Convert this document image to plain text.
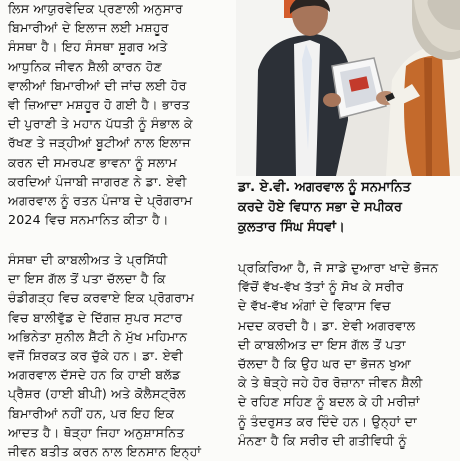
ਲਿਸ ਆਯੁਰਵੇਦਿਕ ਪ੍ਰਣਾਲੀ ਅਨੁਸਾਰ

ਬਿਮਾਰੀਆਂ ਦੇ ਇਲਾਜ ਲਈ ਮਸ਼ਹੂਰ

ਸੰਸਥਾ ਹੈ। ਇਹ ਸੰਸਥਾ ਸ਼ੂਗਰ ਅਤੇ

ਆਧੁਨਿਕ ਜੀਵਨ ਸ਼ੈਲੀ ਕਾਰਨ ਹੋਣ

ਵਾਲੀਆਂ ਬਿਮਾਰੀਆਂ ਦੀ ਜਾਂਚ ਲਈ ਹੋਰ

ਵੀ ਜ਼ਿਆਦਾ ਮਸ਼ਹੂਰ ਹੋ ਗਈ ਹੈ। ਭਾਰਤ

ਦੀ ਪੁਰਾਣੀ ਤੇ ਮਹਾਨ ਪੱਧਤੀ ਨੂੰ ਸੰਭਾਲ ਕੇ

ਰੱਖਣ ਤੇ ਜੜ੍ਹੀਆਂ ਬੂਟੀਆਂ ਨਾਲ ਇਲਾਜ

ਕਰਨ ਦੀ ਸਮਰਪਣ ਭਾਵਨਾ ਨੂੰ ਸਲਾਮ

ਕਰਦਿਆਂ ਪੰਜਾਬੀ ਜਾਗਰਣ ਨੇ ਡਾ. ਏਵੀ

ਅਗਰਵਾਲ ਨੂੰ ਰਤਨ ਪੰਜਾਬ ਦੇ ਪ੍ਰੋਗਰਾਮ

2024 ਵਿਚ ਸਨਮਾਨਿਤ ਕੀਤਾ ਹੈ।

ਡਾ. ਏ.ਵੀ. ਅਗਰਵਾਲ ਨੂੰ ਸਨਮਾਨਿਤ

ਕਰਦੇ ਹੋਏ ਵਿਧਾਨ ਸਭਾ ਦੇ ਸਪੀਕਰ

ਕੁਲਤਾਰ ਸਿੰਘ ਸੰਧਵਾਂ।

ਸੰਸਥਾ ਦੀ ਕਾਬਲੀਅਤ ਤੇ ਪ੍ਰਸਿੱਧੀ

ਦਾ ਇਸ ਗੱਲ ਤੋਂ ਪਤਾ ਚੱਲਦਾ ਹੈ ਕਿ

ਚੰਡੀਗੜ੍ਹ ਵਿਚ ਕਰਵਾਏ ਇਕ ਪ੍ਰੋਗਰਾਮ

ਵਿਚ ਬਾਲੀਵੁੱਡ ਦੇ ਦਿੱਗਜ਼ ਸੁਪਰ ਸਟਾਰ

ਅਭਿਨੇਤਾ ਸੁਨੀਲ ਸ਼ੈੱਟੀ ਨੇ ਮੁੱਖ ਮਹਿਮਾਨ

ਵਜੋਂ ਸ਼ਿਰਕਤ ਕਰ ਚੁੱਕੇ ਹਨ। ਡਾ. ਏਵੀ

ਅਗਰਵਾਲ ਦੱਸਦੇ ਹਨ ਕਿ ਹਾਈ ਬਲੱਡ

ਪ੍ਰੈਸ਼ਰ (ਹਾਈ ਬੀਪੀ) ਅਤੇ ਕੋਲੈਸਟ੍ਰੋਲ

ਬਿਮਾਰੀਆਂ ਨਹੀਂ ਹਨ, ਪਰ ਇਹ ਇਕ

ਆਦਤ ਹੈ। ਥੋੜ੍ਹਾ ਜਿਹਾ ਅਨੁਸ਼ਾਸਨਿਤ

ਜੀਵਨ ਬਤੀਤ ਕਰਨ ਨਾਲ ਇਨਸਾਨ ਇਨ੍ਹਾਂ

ਪ੍ਰਕਿਰਿਆ ਹੈ, ਜੋ ਸਾਡੇ ਦੁਆਰਾ ਖਾਦੇ ਭੋਜਨ

ਵਿੱਚੋਂ ਵੱਖ-ਵੱਖ ਤੱਤਾਂ ਨੂੰ ਸੋਖ ਕੇ ਸਰੀਰ

ਦੇ ਵੱਖ-ਵੱਖ ਅੰਗਾਂ ਦੇ ਵਿਕਾਸ ਵਿਚ

ਮਦਦ ਕਰਦੀ ਹੈ। ਡਾ. ਏਵੀ ਅਗਰਵਾਲ

ਦੀ ਕਾਬਲੀਅਤ ਦਾ ਇਸ ਗੱਲ ਤੋਂ ਪਤਾ

ਚੱਲਦਾ ਹੈ ਕਿ ਉਹ ਘਰ ਦਾ ਭੋਜਨ ਖੁਆ

ਕੇ ਤੇ ਥੋੜ੍ਹੇ ਜਹੇ ਹੋਰ ਰੋਜ਼ਾਨਾ ਜੀਵਨ ਸ਼ੈਲੀ

ਦੇ ਰਹਿਣ ਸਹਿਣ ਨੂੰ ਬਦਲ ਕੇ ਹੀ ਮਰੀਜ਼ਾਂ

ਨੂੰ ਤੰਦਰੁਸਤ ਕਰ ਦਿੰਦੇ ਹਨ। ਉਨ੍ਹਾਂ ਦਾ

ਮੰਨਣਾ ਹੈ ਕਿ ਸਰੀਰ ਦੀ ਗਤੀਵਿਧੀ ਨੂੰ
